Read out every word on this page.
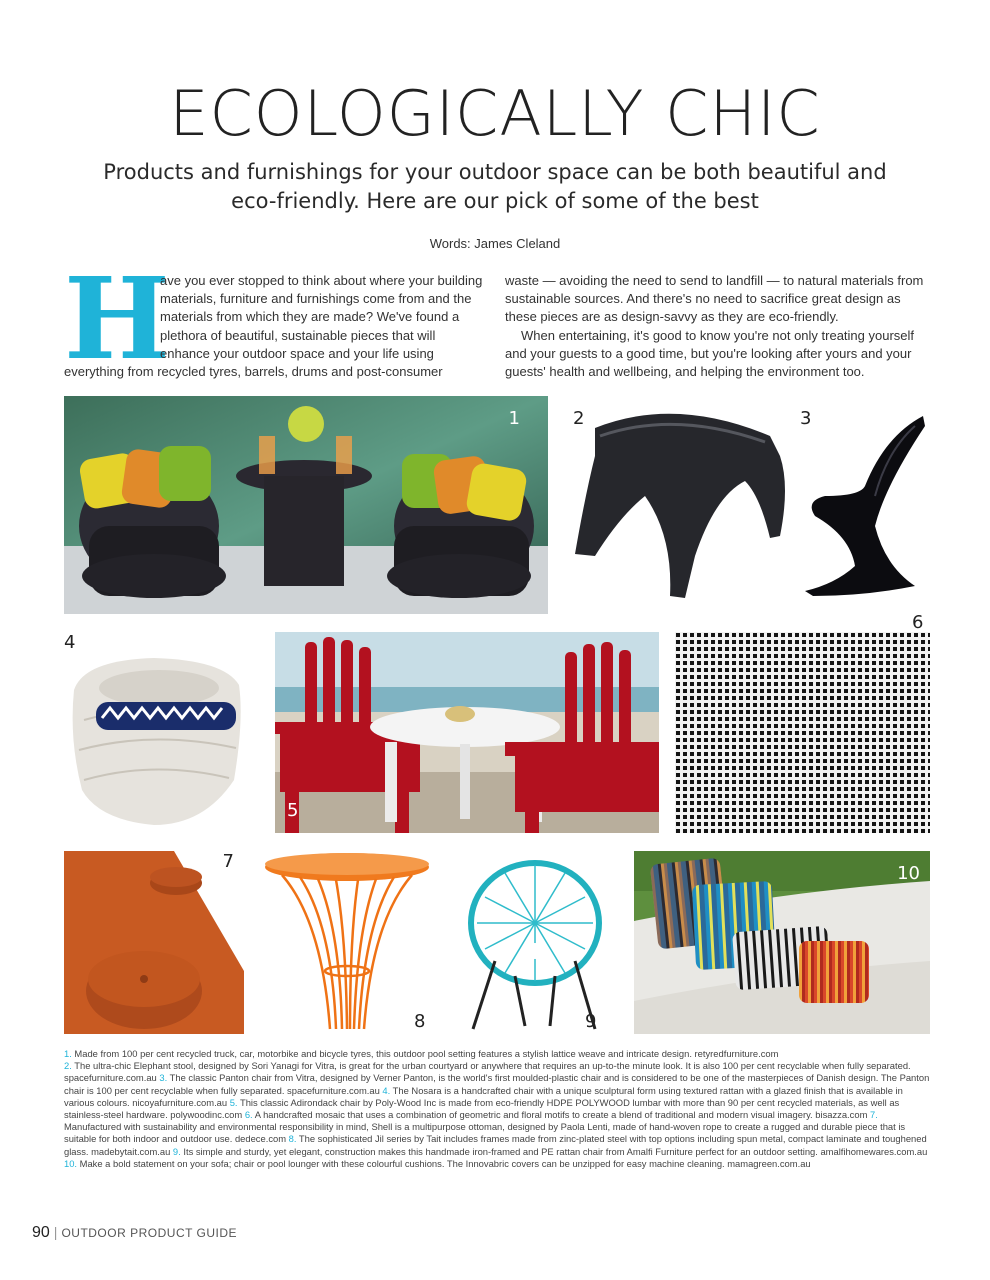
ECOLOGICALLY CHIC
Products and furnishings for your outdoor space can be both beautiful and eco-friendly. Here are our pick of some of the best
Words: James Cleland
H

ave you ever stopped to think about where your building materials, furniture and furnishings come from and the materials from which they are made? We've found a plethora of beautiful, sustainable pieces that will enhance your outdoor space and your life using everything from recycled tyres, barrels, drums and post-consumer

waste — avoiding the need to send to landfill — to natural materials from sustainable sources. And there's no need to sacrifice great design as these pieces are as design-savvy as they are eco-friendly.

When entertaining, it's good to know you're not only treating yourself and your guests to a good time, but you're looking after yours and your guests' health and wellbeing, and helping the environment too.

1	2	3
4
5
6
7
8	9
10
1. Made from 100 per cent recycled truck, car, motorbike and bicycle tyres, this outdoor pool setting features a stylish lattice weave and intricate design. retyredfurniture.com
2. The ultra-chic Elephant stool, designed by Sori Yanagi for Vitra, is great for the urban courtyard or anywhere that requires an up-to-the minute look. It is also 100 per cent recyclable when fully separated. spacefurniture.com.au 3. The classic Panton chair from Vitra, designed by Verner Panton, is the world's first moulded-plastic chair and is considered to be one of the masterpieces of Danish design. The Panton chair is 100 per cent recyclable when fully separated. spacefurniture.com.au 4. The Nosara is a handcrafted chair with a unique sculptural form using textured rattan with a glazed finish that is available in various colours. nicoyafurniture.com.au 5. This classic Adirondack chair by Poly-Wood Inc is made from eco-friendly HDPE POLYWOOD lumbar with more than 90 per cent recycled materials, as well as stainless-steel hardware. polywoodinc.com 6. A handcrafted mosaic that uses a combination of geometric and floral motifs to create a blend of traditional and modern visual imagery. bisazza.com 7. Manufactured with sustainability and environmental responsibility in mind, Shell is a multipurpose ottoman, designed by Paola Lenti, made of hand-woven rope to create a rugged and durable piece that is suitable for both indoor and outdoor use. dedece.com 8. The sophisticated Jil series by Tait includes frames made from zinc-plated steel with top options including spun metal, compact laminate and toughened glass. madebytait.com.au 9. Its simple and sturdy, yet elegant, construction makes this handmade iron-framed and PE rattan chair from Amalfi Furniture perfect for an outdoor setting. amalfihomewares.com.au 10. Make a bold statement on your sofa; chair or pool lounger with these colourful cushions. The Innovabric covers can be unzipped for easy machine cleaning. mamagreen.com.au
90 | OUTDOOR PRODUCT GUIDE
